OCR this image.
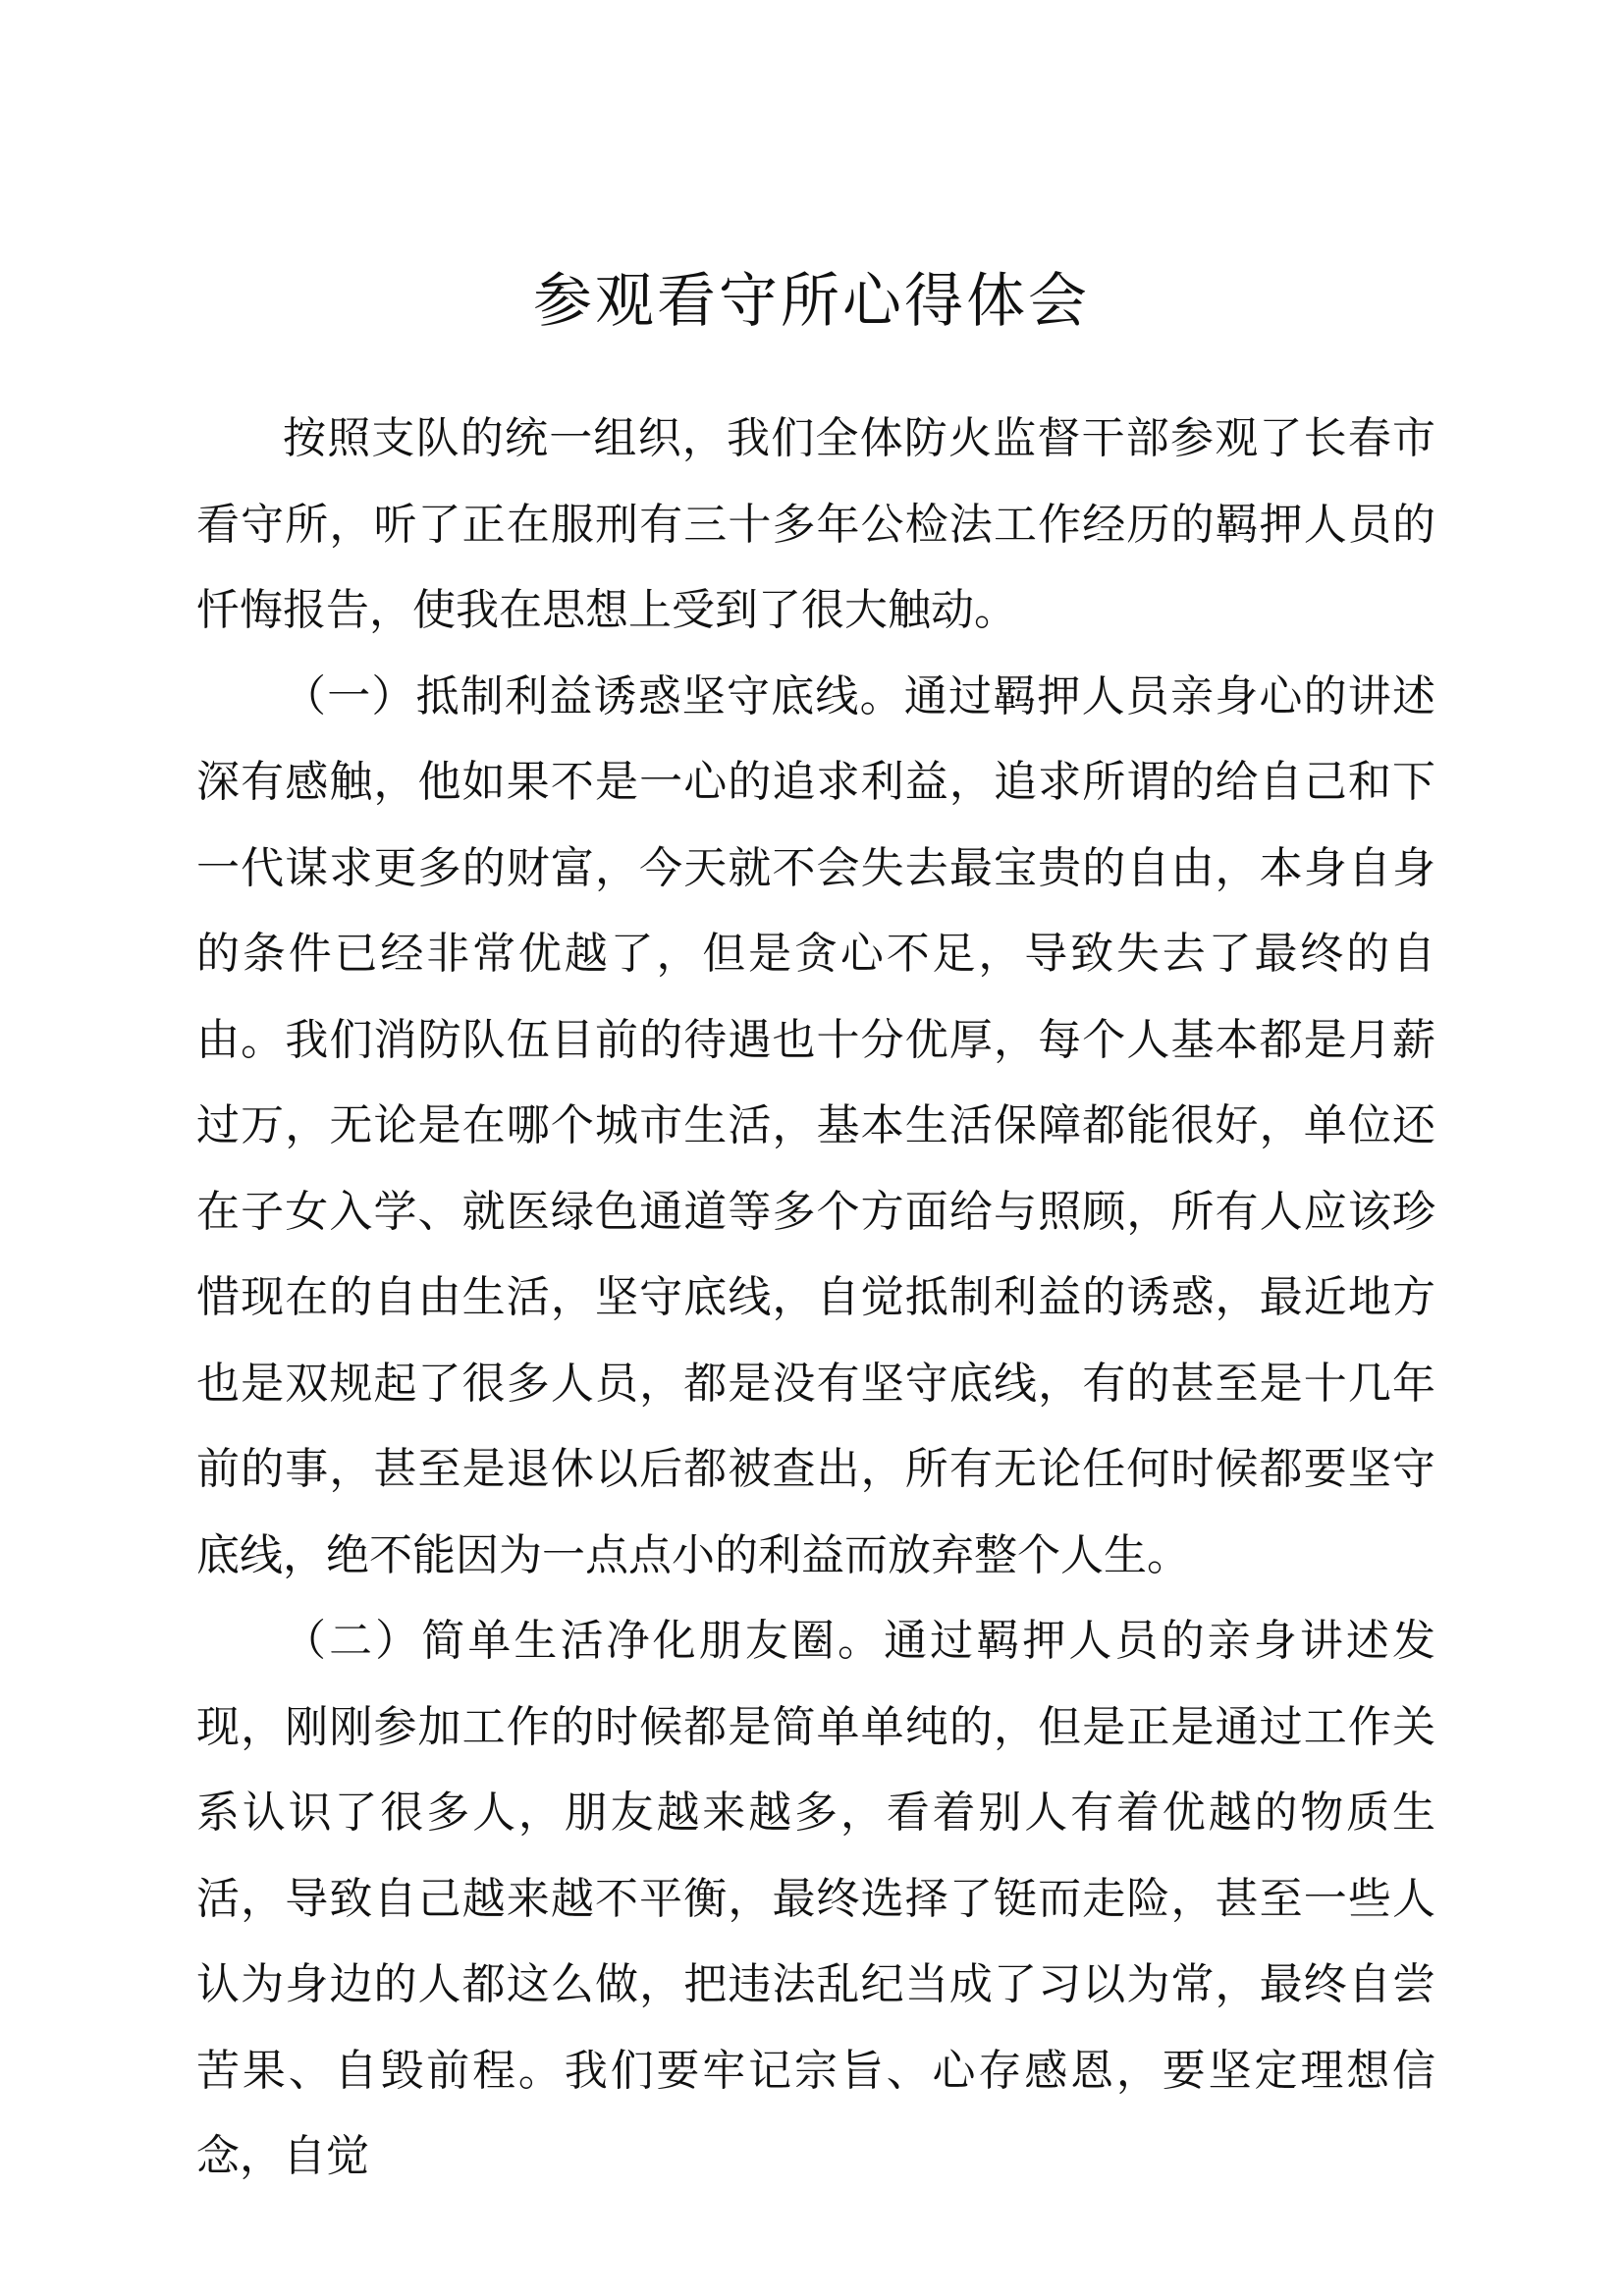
参观看守所心得体会

按照支队的统一组织，我们全体防火监督干部参观了长春市看守所，听了正在服刑有三十多年公检法工作经历的羁押人员的忏悔报告，使我在思想上受到了很大触动。

（一）抵制利益诱惑坚守底线。通过羁押人员亲身心的讲述深有感触，他如果不是一心的追求利益，追求所谓的给自己和下一代谋求更多的财富，今天就不会失去最宝贵的自由，本身自身的条件已经非常优越了，但是贪心不足，导致失去了最终的自由。我们消防队伍目前的待遇也十分优厚，每个人基本都是月薪过万，无论是在哪个城市生活，基本生活保障都能很好，单位还在子女入学、就医绿色通道等多个方面给与照顾，所有人应该珍惜现在的自由生活，坚守底线，自觉抵制利益的诱惑，最近地方也是双规起了很多人员，都是没有坚守底线，有的甚至是十几年前的事，甚至是退休以后都被查出，所有无论任何时候都要坚守底线，绝不能因为一点点小的利益而放弃整个人生。

（二）简单生活净化朋友圈。通过羁押人员的亲身讲述发现，刚刚参加工作的时候都是简单单纯的，但是正是通过工作关系认识了很多人，朋友越来越多，看着别人有着优越的物质生活，导致自己越来越不平衡，最终选择了铤而走险，甚至一些人认为身边的人都这么做，把违法乱纪当成了习以为常，最终自尝苦果、自毁前程。我们要牢记宗旨、心存感恩，要坚定理想信念，自觉
